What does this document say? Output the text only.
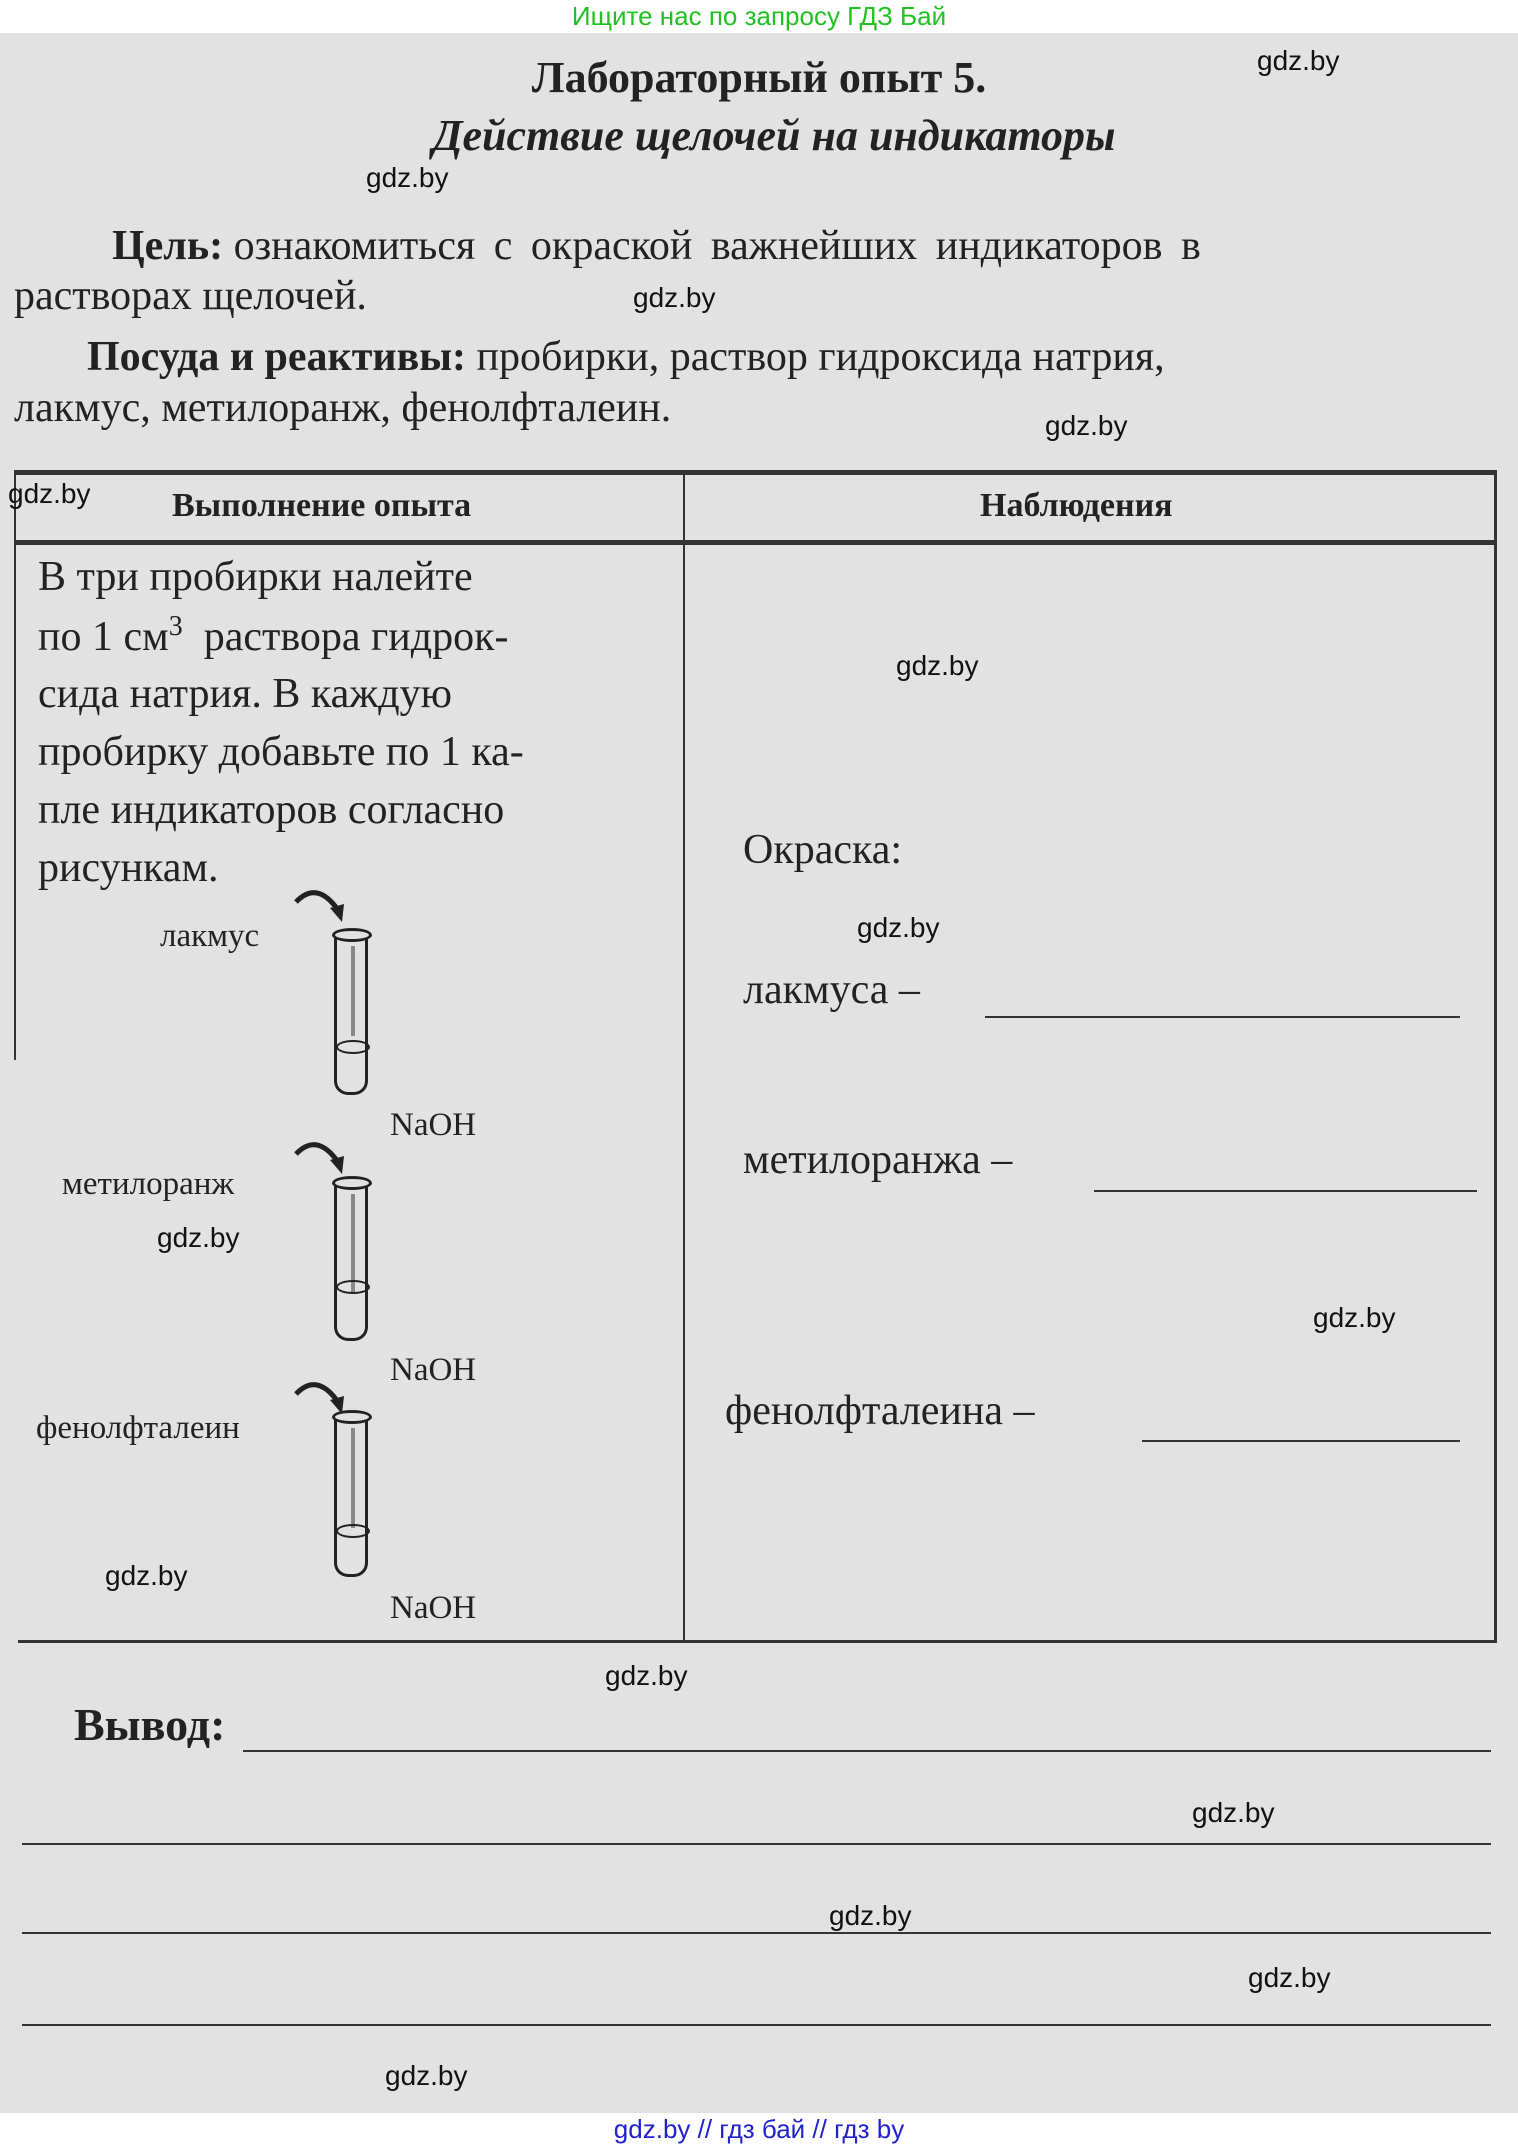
Ищите нас по запросу ГДЗ Бай
Лабораторный опыт 5.
Действие щелочей на индикаторы
Цель: ознакомиться с окраской важнейших индикаторов в
растворах щелочей.
Посуда и реактивы: пробирки, раствор гидроксида натрия,
лакмус, метилоранж, фенолфталеин.
Выполнение опыта	Наблюдения
В три пробирки налейте
по 1 $см^3$ раствора гидрок-
сида натрия. В каждую
пробирку добавьте по 1 ка-
пле индикаторов согласно
рисункам.
лакмус
NaOH
метилоранж
NaOH
фенолфталеин
NaOH
Окраска:
лакмуса –
метилоранжа –
фенолфталеина –
Вывод:
gdz.by
gdz.by
gdz.by
gdz.by
gdz.by
gdz.by
gdz.by
gdz.by
gdz.by
gdz.by
gdz.by
gdz.by
gdz.by
gdz.by
gdz.by
gdz.by // гдз бай // гдз by
